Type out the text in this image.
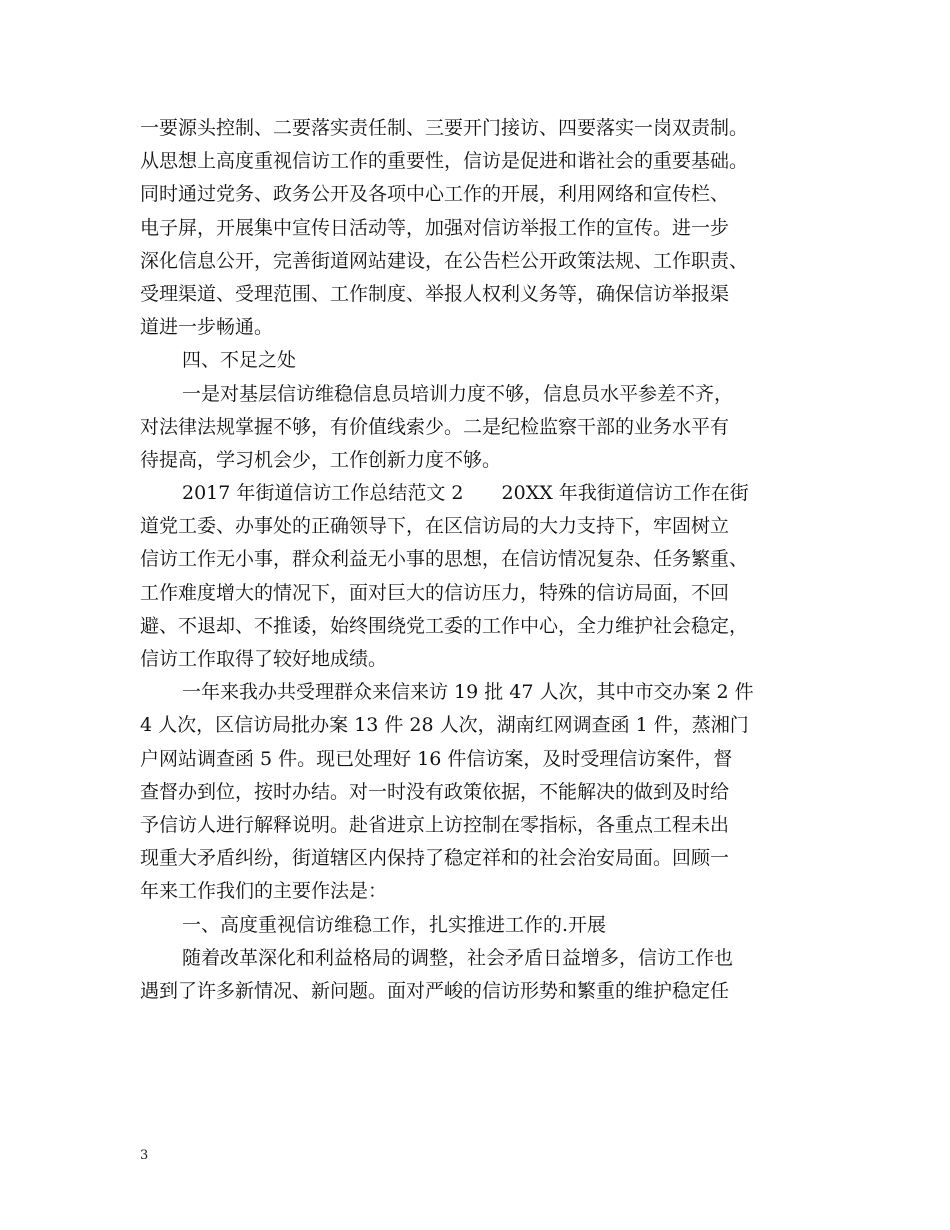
一要源头控制、二要落实责任制、三要开门接访、四要落实一岗双责制。
从思想上高度重视信访工作的重要性，信访是促进和谐社会的重要基础。
同时通过党务、政务公开及各项中心工作的开展，利用网络和宣传栏、
电子屏，开展集中宣传日活动等，加强对信访举报工作的宣传。进一步
深化信息公开，完善街道网站建设，在公告栏公开政策法规、工作职责、
受理渠道、受理范围、工作制度、举报人权利义务等，确保信访举报渠
道进一步畅通。
四、不足之处
一是对基层信访维稳信息员培训力度不够，信息员水平参差不齐，
对法律法规掌握不够，有价值线索少。二是纪检监察干部的业务水平有
待提高，学习机会少，工作创新力度不够。
2017 年街道信访工作总结范文 2　　20XX 年我街道信访工作在街
道党工委、办事处的正确领导下，在区信访局的大力支持下，牢固树立
信访工作无小事，群众利益无小事的思想，在信访情况复杂、任务繁重、
工作难度增大的情况下，面对巨大的信访压力，特殊的信访局面，不回
避、不退却、不推诿，始终围绕党工委的工作中心，全力维护社会稳定，
信访工作取得了较好地成绩。
一年来我办共受理群众来信来访 19 批 47 人次，其中市交办案 2 件
4 人次，区信访局批办案 13 件 28 人次，湖南红网调查函 1 件，蒸湘门
户网站调查函 5 件。现已处理好 16 件信访案，及时受理信访案件，督
查督办到位，按时办结。对一时没有政策依据，不能解决的做到及时给
予信访人进行解释说明。赴省进京上访控制在零指标，各重点工程未出
现重大矛盾纠纷，街道辖区内保持了稳定祥和的社会治安局面。回顾一
年来工作我们的主要作法是：
一、高度重视信访维稳工作，扎实推进工作的.开展
随着改革深化和利益格局的调整，社会矛盾日益增多，信访工作也
遇到了许多新情况、新问题。面对严峻的信访形势和繁重的维护稳定任
3
